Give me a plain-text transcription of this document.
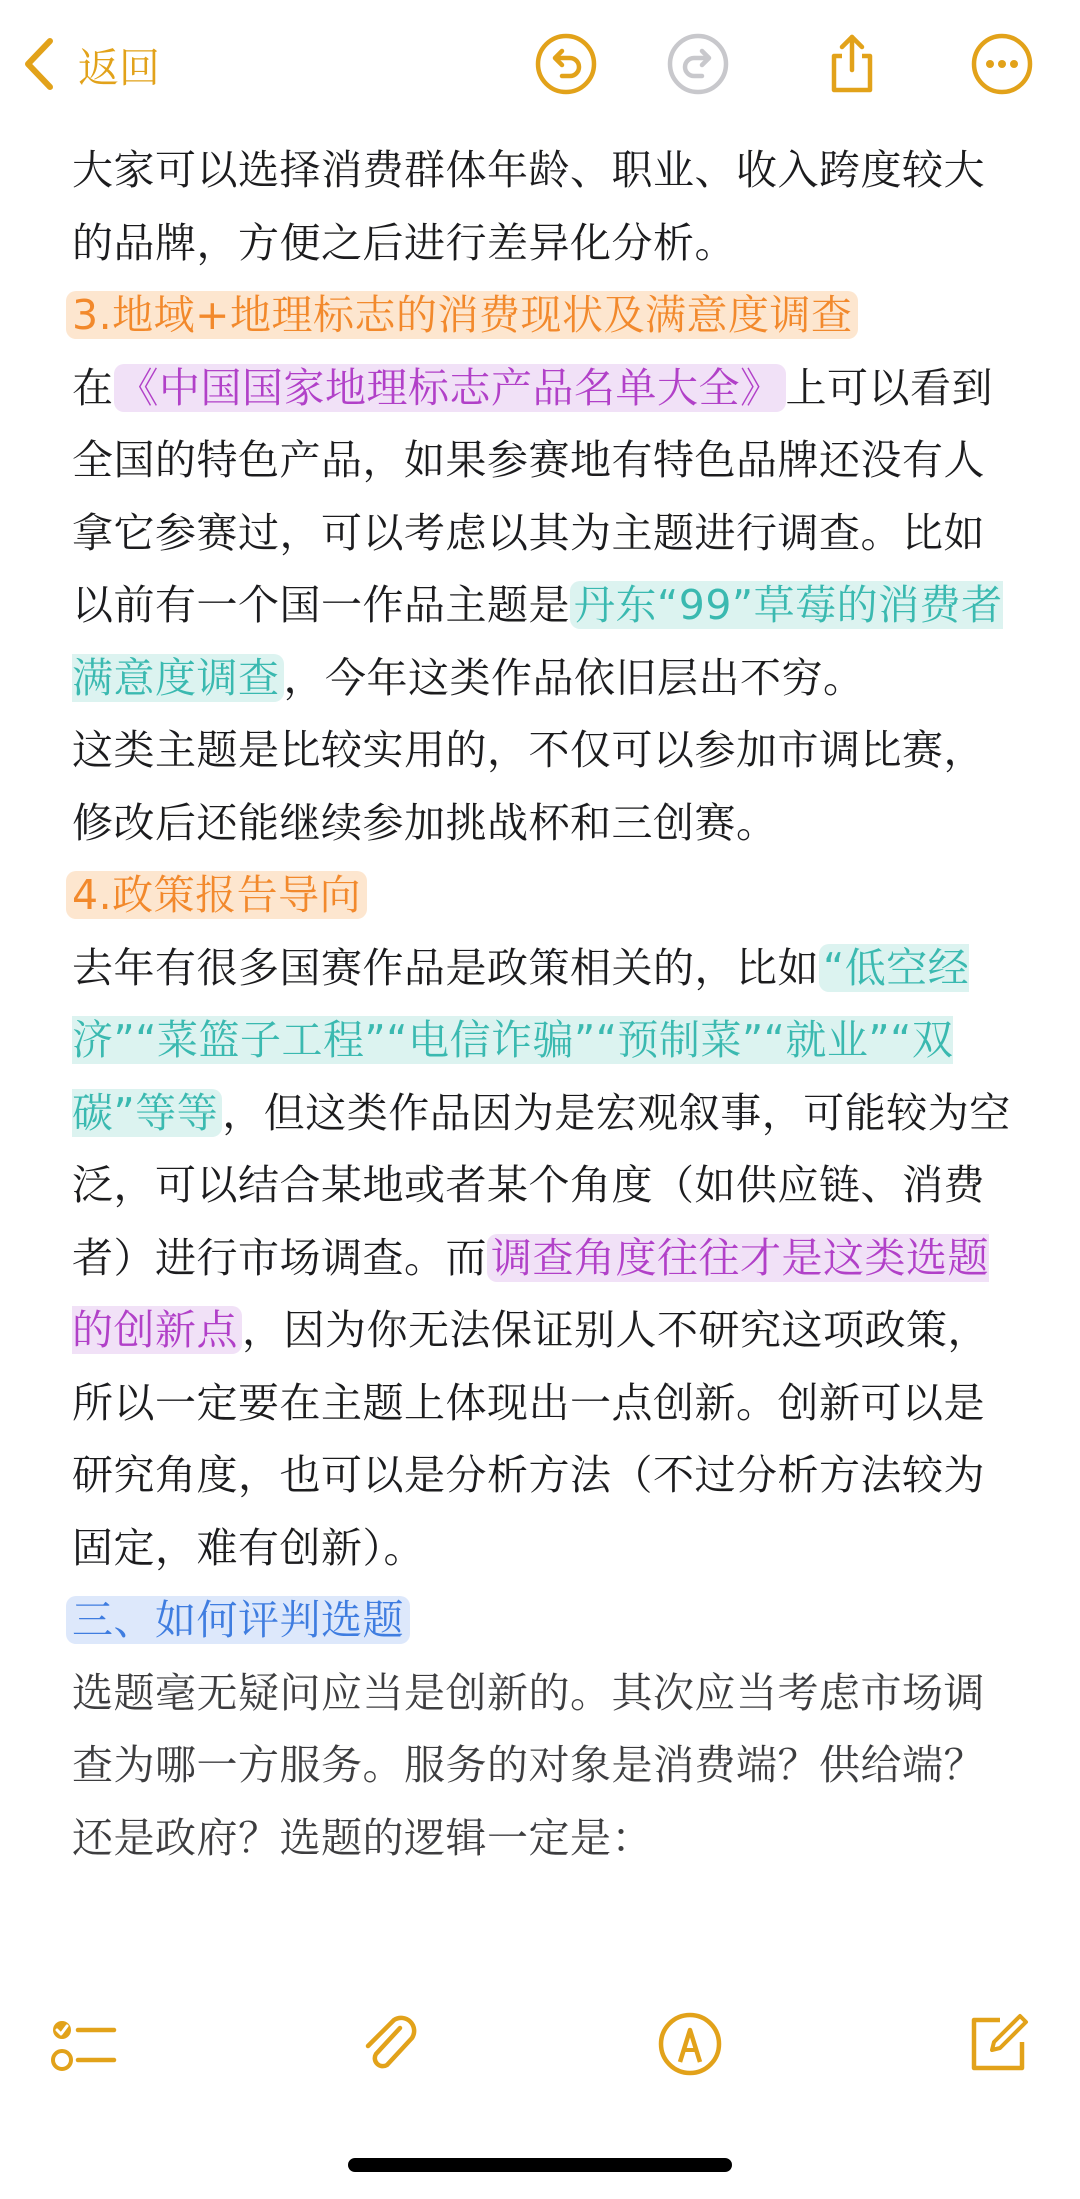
返回

大家可以选择消费群体年龄、职业、收入跨度较大的品牌，方便之后进行差异化分析。

3.地域+地理标志的消费现状及满意度调查

在《中国国家地理标志产品名单大全》上可以看到全国的特色产品，如果参赛地有特色品牌还没有人拿它参赛过，可以考虑以其为主题进行调查。比如以前有一个国一作品主题是丹东“99”草莓的消费者满意度调查，今年这类作品依旧层出不穷。

这类主题是比较实用的，不仅可以参加市调比赛，修改后还能继续参加挑战杯和三创赛。

4.政策报告导向

去年有很多国赛作品是政策相关的，比如“低空经济”“菜篮子工程”“电信诈骗”“预制菜”“就业”“双碳”等等，但这类作品因为是宏观叙事，可能较为空泛，可以结合某地或者某个角度（如供应链、消费者）进行市场调查。而调查角度往往才是这类选题的创新点，因为你无法保证别人不研究这项政策，所以一定要在主题上体现出一点创新。创新可以是研究角度，也可以是分析方法（不过分析方法较为固定，难有创新）。

三、如何评判选题

选题毫无疑问应当是创新的。其次应当考虑市场调查为哪一方服务。服务的对象是消费端？供给端？还是政府？选题的逻辑一定是：
